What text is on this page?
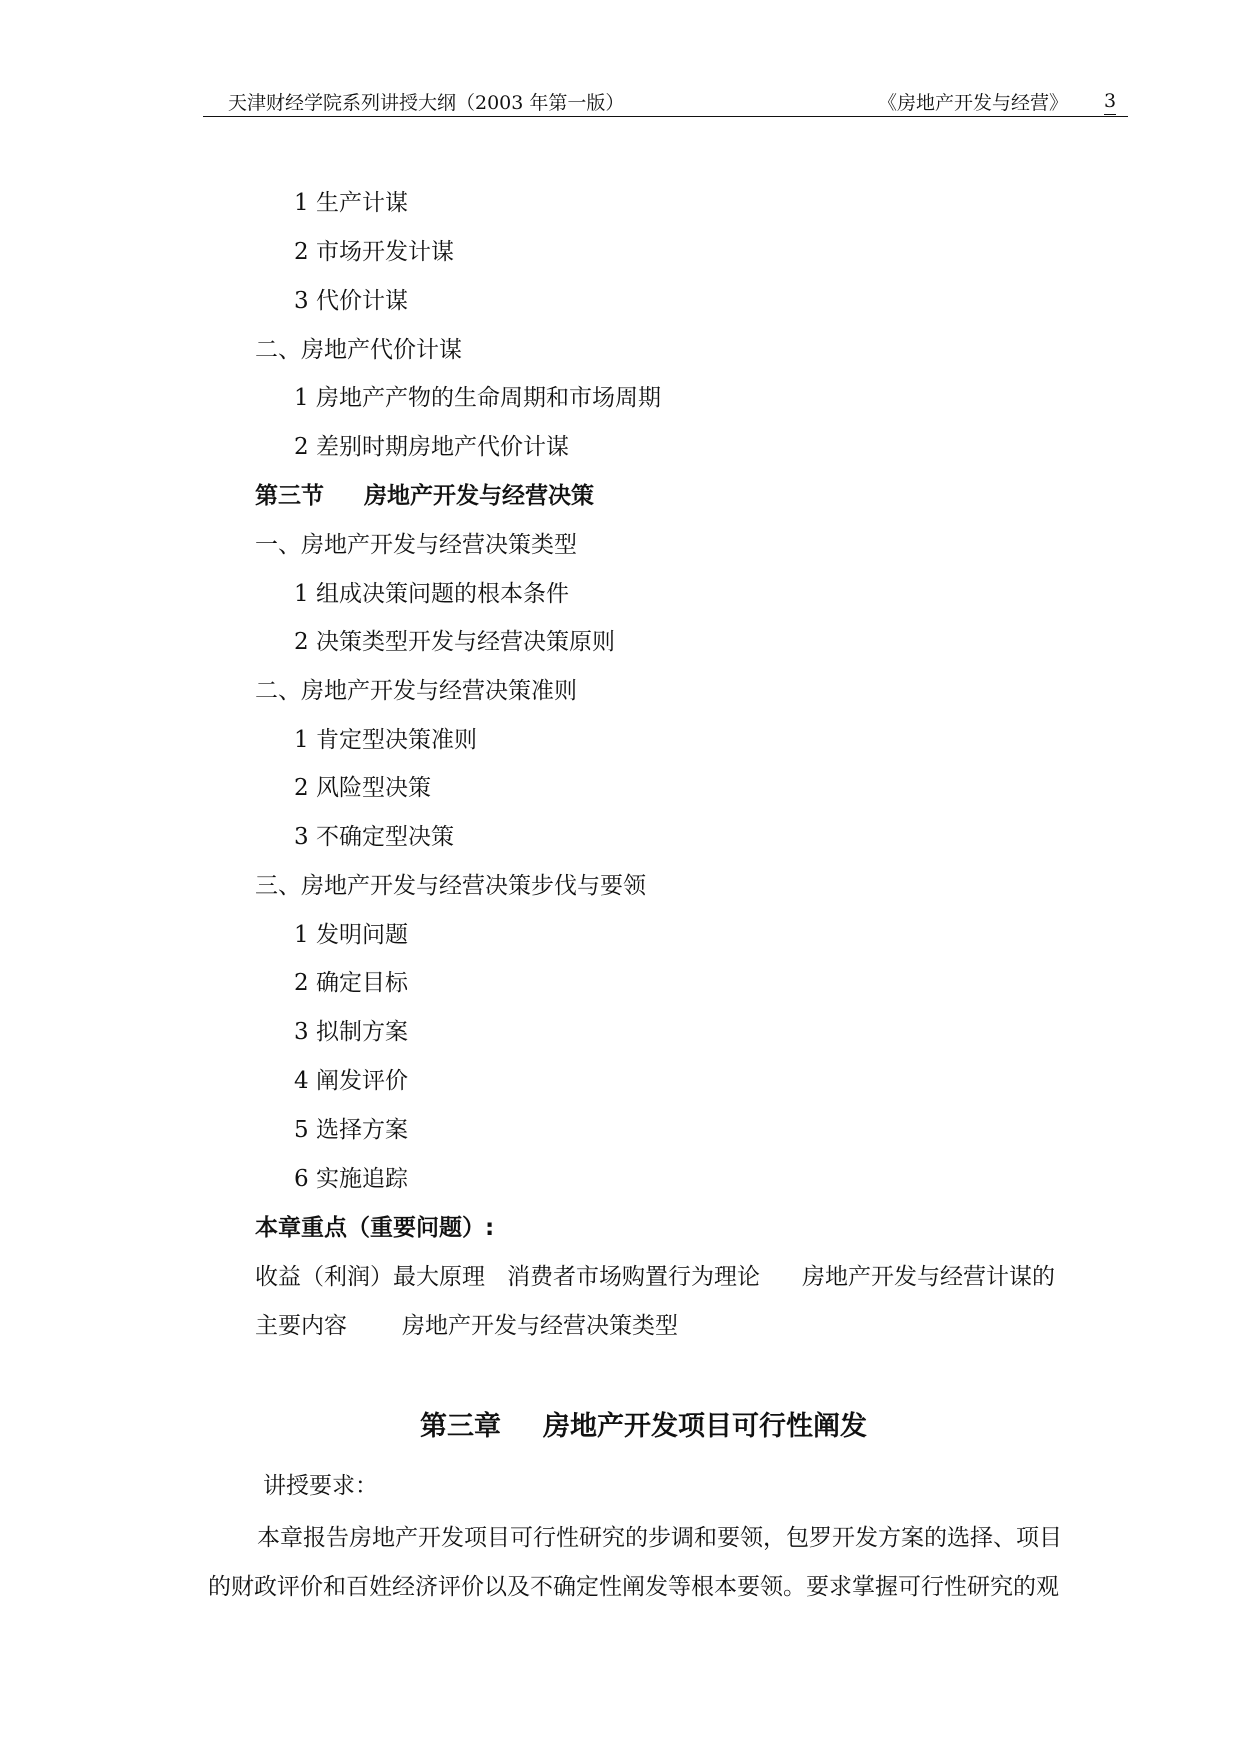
天津财经学院系列讲授大纲（2003 年第一版）	《房地产开发与经营》 3
1 生产计谋
2 市场开发计谋
3 代价计谋
二、房地产代价计谋
1 房地产产物的生命周期和市场周期
2 差别时期房地产代价计谋
第三节 房地产开发与经营决策
一、房地产开发与经营决策类型
1 组成决策问题的根本条件
2 决策类型开发与经营决策原则
二、房地产开发与经营决策准则
1 肯定型决策准则
2 风险型决策
3 不确定型决策
三、房地产开发与经营决策步伐与要领
1 发明问题
2 确定目标
3 拟制方案
4 阐发评价
5 选择方案
6 实施追踪
本章重点（重要问题）:
收益（利润）最大原理 消费者市场购置行为理论 房地产开发与经营计谋的
主要内容 房地产开发与经营决策类型
第三章 房地产开发项目可行性阐发
讲授要求：
本章报告房地产开发项目可行性研究的步调和要领，包罗开发方案的选择、项目
的财政评价和百姓经济评价以及不确定性阐发等根本要领。要求掌握可行性研究的观
